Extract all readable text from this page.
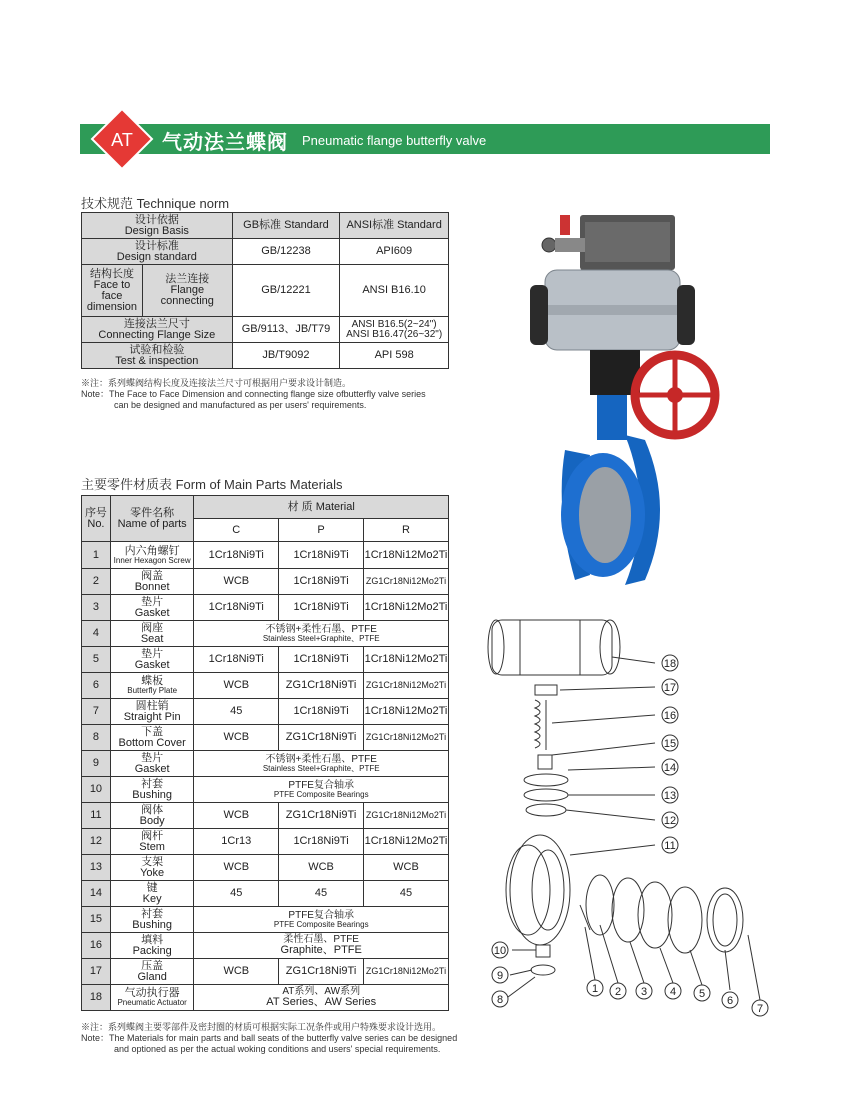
AT 气动法兰蝶阀 Pneumatic flange butterfly valve
技术规范 Technique norm
设计依据
Design Basis		GB标准 Standard	ANSI标准 Standard

设计标准
Design standard		GB/12238	API609

结构长度
Face to face dimension	法兰连接
Flange connecting	GB/12221	ANSI B16.10

连接法兰尺寸
Connecting Flange Size		GB/9113、JB/T79	ANSI B16.5(2~24")
ANSI B16.47(26~32")

试验和检验
Test & inspection		JB/T9092	API 598
※注：系列蝶阀结构长度及连接法兰尺寸可根据用户要求设计制造。
Note：The Face to Face Dimension and connecting flange size ofbutterfly valve series
can be designed and manufactured as per users' requirements.
主要零件材质表 Form of Main Parts Materials
序号
No.	零件名称
Name of parts	材 质 Material		
		C	P	R
1	内六角螺钉
Inner Hexagon Screw	1Cr18Ni9Ti	1Cr18Ni9Ti	1Cr18Ni12Mo2Ti
2	阀盖
Bonnet	WCB	1Cr18Ni9Ti	ZG1Cr18Ni12Mo2Ti
3	垫片
Gasket	1Cr18Ni9Ti	1Cr18Ni9Ti	1Cr18Ni12Mo2Ti
4	阀座
Seat	不锈钢+柔性石墨、PTFE
Stainless Steel+Graphite、PTFE		

5	垫片
Gasket	1Cr18Ni9Ti	1Cr18Ni9Ti	1Cr18Ni12Mo2Ti
6	蝶板
Butterfly Plate	WCB	ZG1Cr18Ni9Ti	ZG1Cr18Ni12Mo2Ti
7	圆柱销
Straight Pin	45	1Cr18Ni9Ti	1Cr18Ni12Mo2Ti
8	下盖
Bottom Cover	WCB	ZG1Cr18Ni9Ti	ZG1Cr18Ni12Mo2Ti
9	垫片
Gasket	不锈钢+柔性石墨、PTFE
Stainless Steel+Graphite、PTFE		

10	衬套
Bushing	PTFE复合轴承
PTFE Composite Bearings		

11	阀体
Body	WCB	ZG1Cr18Ni9Ti	ZG1Cr18Ni12Mo2Ti
12	阀杆
Stem	1Cr13	1Cr18Ni9Ti	1Cr18Ni12Mo2Ti
13	支架
Yoke	WCB	WCB	WCB
14	键
Key	45	45	45
15	衬套
Bushing	PTFE复合轴承
PTFE Composite Bearings		

16	填料
Packing	柔性石墨、PTFE
Graphite、PTFE		

17	压盖
Gland	WCB	ZG1Cr18Ni9Ti	ZG1Cr18Ni12Mo2Ti
18	气动执行器
Pneumatic Actuator	AT系列、AW系列
AT Series、AW Series		
※注：系列蝶阀主要零部件及密封圈的材质可根据实际工况条件或用户特殊要求设计选用。
Note：The Materials for main parts and ball seats of the butterfly valve series can be designed
and optioned as per the actual woking conditions and users' special requirements.
18
17
16
15
14
13
12
11
7
6
5
4
3
2
1
10
9
8
